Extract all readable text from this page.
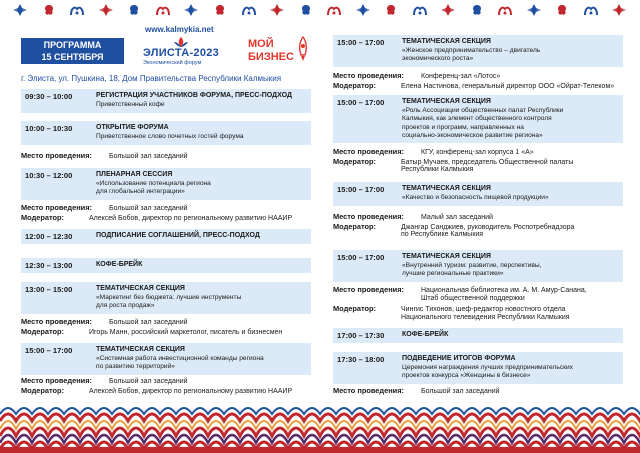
ПРОГРАММА
15 СЕНТЯБРЯ
www.kalmykia.net
ЭЛИСТА-2023
Экономический форум
МОЙ
БИЗНЕС
г. Элиста, ул. Пушкина, 18, Дом Правительства Республики Калмыкия
09:30 – 10:00	РЕГИСТРАЦИЯ УЧАСТНИКОВ ФОРУМА, ПРЕСС-ПОДХОД
Приветственный кофе
10:00 – 10:30	ОТКРЫТИЕ ФОРУМА
Приветственное слово почетных гостей форума
Место проведения: Большой зал заседаний
10:30 – 12:00	ПЛЕНАРНАЯ СЕССИЯ
«Использование потенциала региона
для глобальной интеграции»
Место проведения: Большой зал заседаний
Модератор:	Алексей Бобов, директор по региональному развитию НААИР
12:00 – 12:30	ПОДПИСАНИЕ СОГЛАШЕНИЙ, ПРЕСС-ПОДХОД
12:30 – 13:00	КОФЕ-БРЕЙК
13:00 – 15:00	ТЕМАТИЧЕСКАЯ СЕКЦИЯ
«Маркетинг без бюджета: лучшие инструменты
для роста продаж»
Место проведения: Большой зал заседаний
Модератор:	Игорь Манн, российский маркетолог, писатель и бизнесмен
15:00 – 17:00	ТЕМАТИЧЕСКАЯ СЕКЦИЯ
«Системная работа инвестиционной команды региона
по развитию территорий»
Место проведения: Большой зал заседаний
Модератор:	Алексей Бобов, директор по региональному развитию НААИР
15:00 – 17:00	ТЕМАТИЧЕСКАЯ СЕКЦИЯ
«Женское предпринимательство – двигатель
экономического роста»
Место проведения: Конференц-зал «Лотос»
Модератор:	Елена Настинова, генеральный директор ООО «Ойрат-Телеком»
15:00 – 17:00	ТЕМАТИЧЕСКАЯ СЕКЦИЯ
«Роль Ассоциации общественных палат Республики
Калмыкия, как элемент общественного контроля
проектов и программ, направленных на
социально-экономическое развитие региона»
Место проведения: КГУ, конференц-зал корпуса 1 «А»
Модератор:	Батыр Мучаев, председатель Общественной палаты
Республики Калмыкия
15:00 – 17:00	ТЕМАТИЧЕСКАЯ СЕКЦИЯ
«Качество и безопасность пищевой продукции»
Место проведения: Малый зал заседаний
Модератор:	Джангар Санджиев, руководитель Роспотребнадзора
по Республике Калмыкия
15:00 – 17:00	ТЕМАТИЧЕСКАЯ СЕКЦИЯ
«Внутренний туризм: развитие, перспективы,
лучшие региональные практики»
Место проведения: Национальная библиотека им. А. М. Амур-Санана,
Штаб общественной поддержки
Модератор:	Чингис Тихонов, шеф-редактор новостного отдела
Национального телевидения Республики Калмыкия
17:00 – 17:30	КОФЕ-БРЕЙК
17:30 – 18:00	ПОДВЕДЕНИЕ ИТОГОВ ФОРУМА
Церемония награждения лучших предпринимательских
проектов конкурса «Женщины в бизнесе»
Место проведения: Большой зал заседаний
